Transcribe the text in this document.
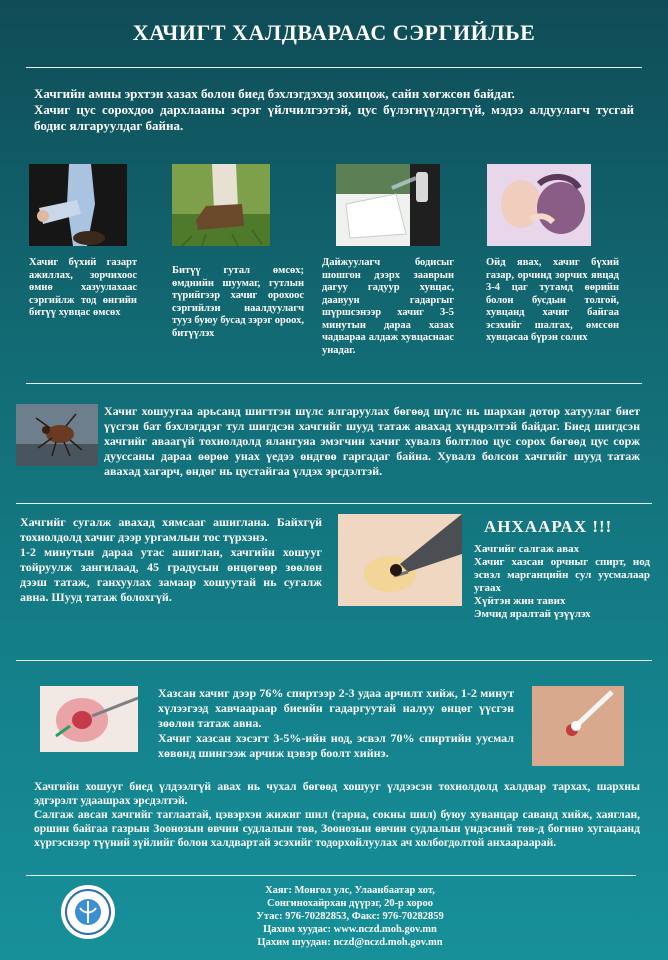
ХАЧИГТ ХАЛДВАРААС СЭРГИЙЛЬЕ
Хачгийн амны эрхтэн хазах болон биед бэхлэгдэхэд зохицож, сайн хөгжсөн байдаг.
Хачиг цус сорохдоо дархлааны эсрэг үйлчилгээтэй, цус бүлэгнүүлдэгтүй, мэдээ алдуулагч тусгай бодис ялгаруулдаг байна.
Хачиг бүхий газарт ажиллах, зорчихоос өмнө хазуулахаас сэргийлж тод өнгийн битүү хувцас өмсөх
Битүү гутал өмсөх; өмднийн шуумаг, гутлын түрийгээр хачиг орохоос сэргийлэн наалдуулагч тууз буюу бусад зэрэг ороох, битүүлэх
Дайжуулагч бодисыг шошгон дээрх зааврын дагуу гадуур хувцас, даавуун гадаргыг шүршсэнээр хачиг 3-5 минутын дараа хазах чадвараа алдаж хувцаснаас унадаг.
Ойд явах, хачиг бүхий газар, орчинд зорчих явцад 3-4 цаг тутамд өөрийн болон бусдын толгой, хувцанд хачиг байгаа эсэхийг шалгах, өмссөн хувцасаа бүрэн солих
Хачиг хошуугаа арьсанд шигтгэн шүлс ялгаруулах бөгөөд шүлс нь шархан дотор хатуулаг биет үүсгэн бат бэхлэгддэг тул шигдсэн хачгийг шууд татаж авахад хүндрэлтэй байдаг. Биед шигдсэн хачгийг аваагүй тохиолдолд ялангуяа эмэгчин хачиг хувалз болтлоо цус сорох бөгөөд цус сорж дууссаны дараа өөрөө унах үедээ өндгөө гаргадаг байна. Хувалз болсон хачгийг шууд татаж авахад хагарч, өндөг нь цустайгаа үлдэх эрсдэлтэй.
Хачгийг сугалж авахад хямсааг ашиглана. Байхгүй тохиолдолд хачиг дээр ургамлын тос түрхэнэ.
1-2 минутын дараа утас ашиглан, хачгийн хошууг тойруулж зангилаад, 45 градусын өнцөгөөр зөөлөн дээш татаж, ганхуулах замаар хошуутай нь сугалж авна. Шууд татаж болохгүй.
АНХААРАХ !!!
Хачгийг салгаж авах
Хачиг хазсан орчныг спирт, нод эсвэл марганцийн сул уусмалаар угаах
Хүйтэн жин тавих
Эмчид яралтай үзүүлэх
Хазсан хачиг дээр 76% спиртээр 2-3 удаа арчилт хийж, 1-2 минут хүлээгээд хавчаараар биеийн гадаргуутай налуу өнцөг үүсгэн зөөлөн татаж авна.
Хачиг хазсан хэсэгт 3-5%-ийн нод, эсвэл 70% спиртийн уусмал хөвөнд шингээж арчиж цэвэр боолт хийнэ.
Хачгийн хошууг биед үлдээлгүй авах нь чухал бөгөөд хошууг үлдээсэн тохиолдолд халдвар тархах, шархны эдгэрэлт удаашрах эрсдэлтэй.
Салгаж авсан хачгийг таглаатай, цэвэрхэн жижиг шил (тариа, сокны шил) буюу хуванцар саванд хийж, хаяглан, оршин байгаа газрын Зоонозын өвчин судлалын төв, Зоонозын өвчин судлалын үндэсний төв-д богино хугацаанд хүргэснээр түүний зүйлийг болон халдвартай эсэхийг тодорхойлуулах ач холбогдолтой анхаараарай.
Хаяг: Монгол улс, Улаанбаатар хот,
Сонгинохайрхан дүүрэг, 20-р хороо
Утас: 976-70282853, Факс: 976-70282859
Цахим хуудас: www.nczd.moh.gov.mn
Цахим шуудан: nczd@nczd.moh.gov.mn
